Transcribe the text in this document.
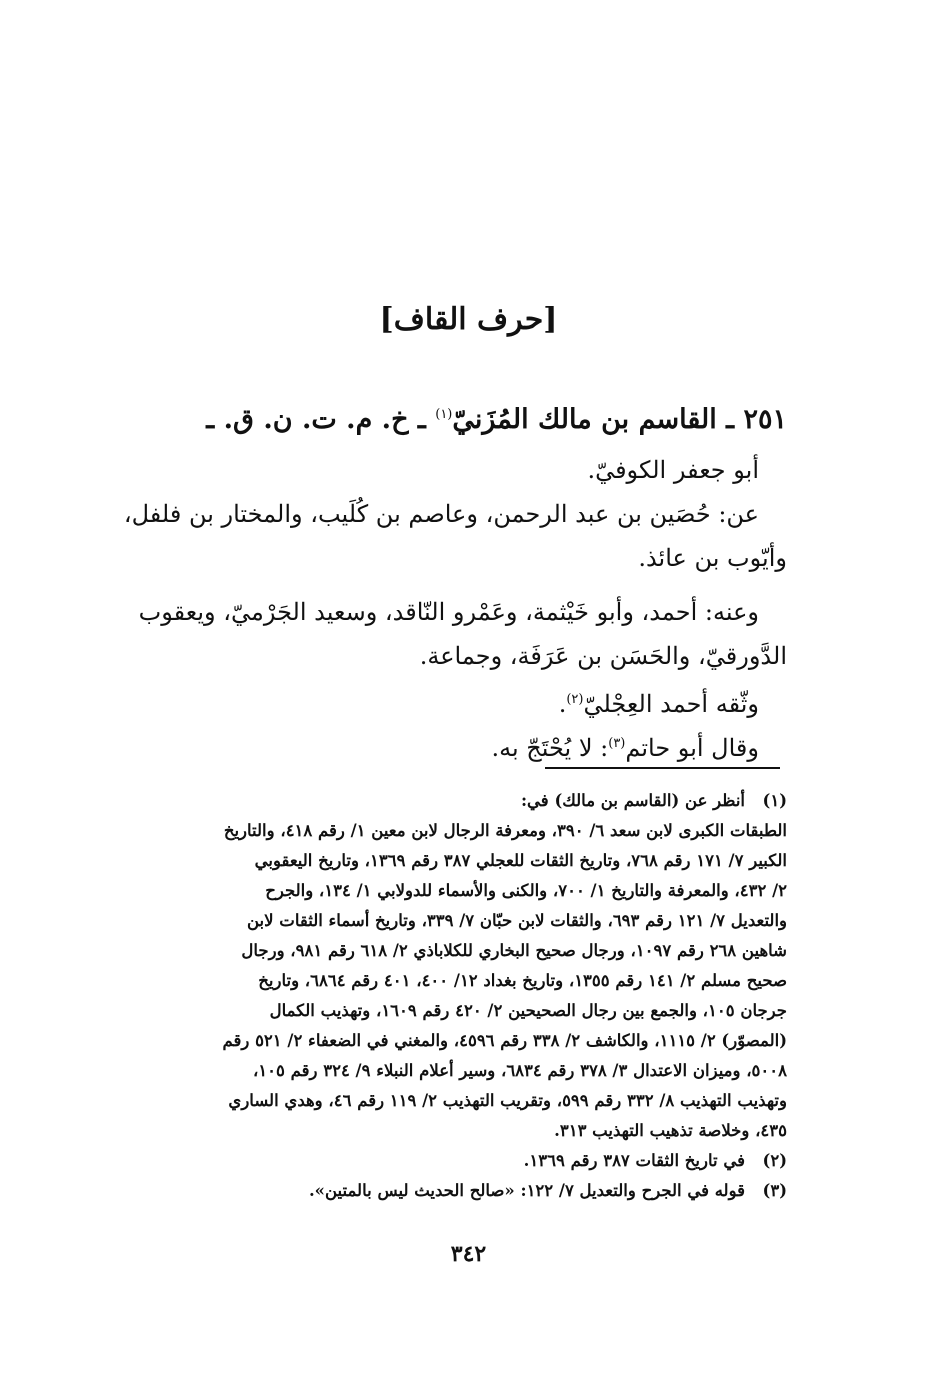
[حرف القاف]
٢٥١ ـ القاسم بن مالك المُزَنيّ$^{(١)}$ ـ خ. م. ت. ن. ق. ـ
أبو جعفر الكوفيّ.
عن: حُصَين بن عبد الرحمن، وعاصم بن كُلَيب، والمختار بن فلفل،
وأيّوب بن عائذ.
وعنه: أحمد، وأبو خَيْثمة، وعَمْرو النّاقد، وسعيد الجَرْميّ، ويعقوب
الدَّورقيّ، والحَسَن بن عَرَفَة، وجماعة.
وثّقه أحمد العِجْليّ$^{(٢)}$.
وقال أبو حاتم$^{(٣)}$: لا يُحْتَجّ به.
(١)
أنظر عن (القاسم بن مالك) في:
الطبقات الكبرى لابن سعد ٦/ ٣٩٠، ومعرفة الرجال لابن معين ١/ رقم ٤١٨، والتاريخ
الكبير ٧/ ١٧١ رقم ٧٦٨، وتاريخ الثقات للعجلي ٣٨٧ رقم ١٣٦٩، وتاريخ اليعقوبي
٢/ ٤٣٢، والمعرفة والتاريخ ١/ ٧٠٠، والكنى والأسماء للدولابي ١/ ١٣٤، والجرح
والتعديل ٧/ ١٢١ رقم ٦٩٣، والثقات لابن حبّان ٧/ ٣٣٩، وتاريخ أسماء الثقات لابن
شاهين ٢٦٨ رقم ١٠٩٧، ورجال صحيح البخاري للكلاباذي ٢/ ٦١٨ رقم ٩٨١، ورجال
صحيح مسلم ٢/ ١٤١ رقم ١٣٥٥، وتاريخ بغداد ١٢/ ٤٠٠، ٤٠١ رقم ٦٨٦٤، وتاريخ
جرجان ١٠٥، والجمع بين رجال الصحيحين ٢/ ٤٢٠ رقم ١٦٠٩، وتهذيب الكمال
(المصوّر) ٢/ ١١١٥، والكاشف ٢/ ٣٣٨ رقم ٤٥٩٦، والمغني في الضعفاء ٢/ ٥٢١ رقم
٥٠٠٨، وميزان الاعتدال ٣/ ٣٧٨ رقم ٦٨٣٤، وسير أعلام النبلاء ٩/ ٣٢٤ رقم ١٠٥،
وتهذيب التهذيب ٨/ ٣٣٢ رقم ٥٩٩، وتقريب التهذيب ٢/ ١١٩ رقم ٤٦، وهدي الساري
٤٣٥، وخلاصة تذهيب التهذيب ٣١٣.
(٢)
في تاريخ الثقات ٣٨٧ رقم ١٣٦٩.
(٣)
قوله في الجرح والتعديل ٧/ ١٢٢: «صالح الحديث ليس بالمتين».
٣٤٢
